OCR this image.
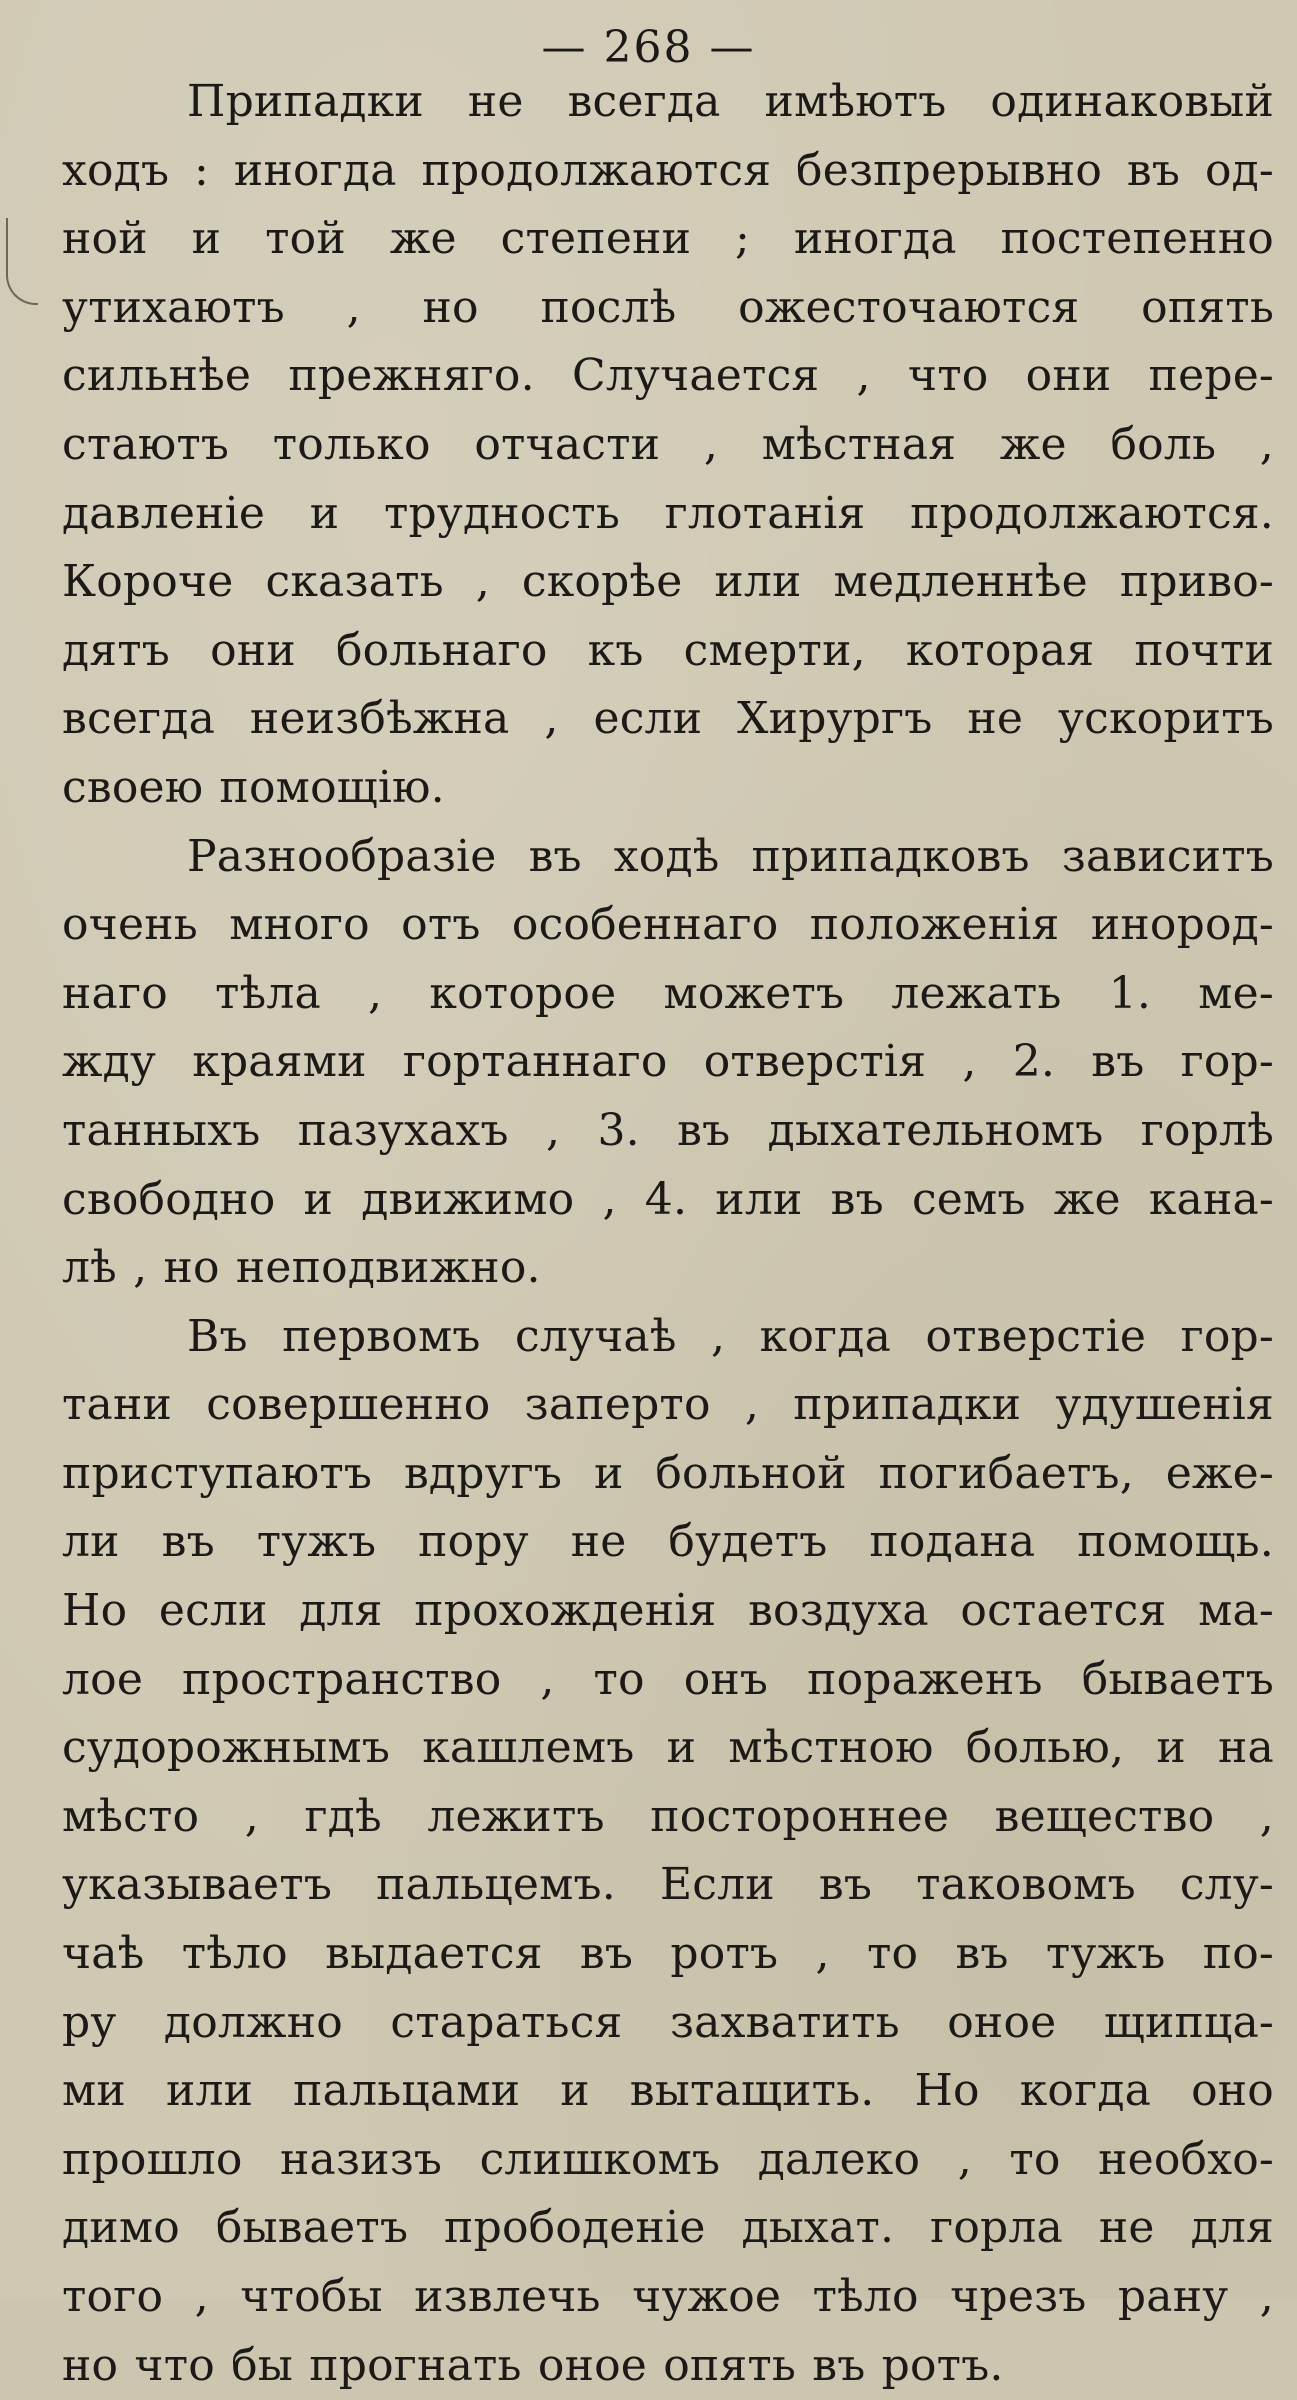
— 268 —
Припадки не всегда имѣютъ одинаковый
ходъ : иногда продолжаются безпрерывно въ од-
ной и той же степени ; иногда постепенно
утихаютъ , но послѣ ожесточаются опять
сильнѣе прежняго. Случается , что они пере-
стаютъ только отчасти , мѣстная же боль ,
давленіе и трудность глотанія продолжаются.
Короче сказать , скорѣе или медленнѣе приво-
дятъ они больнаго къ смерти, которая почти
всегда неизбѣжна , если Хирургъ не ускоритъ
своею помощію.
Разнообразіе въ ходѣ припадковъ зависитъ
очень много отъ особеннаго положенія инород-
наго тѣла , которое можетъ лежать 1. ме-
жду краями гортаннаго отверстія , 2. въ гор-
танныхъ пазухахъ , 3. въ дыхательномъ горлѣ
свободно и движимо , 4. или въ семъ же кана-
лѣ , но неподвижно.
Въ первомъ случаѣ , когда отверстіе гор-
тани совершенно заперто , припадки удушенія
приступаютъ вдругъ и больной погибаетъ, еже-
ли въ тужъ пору не будетъ подана помощь.
Но если для прохожденія воздуха остается ма-
лое пространство , то онъ пораженъ бываетъ
судорожнымъ кашлемъ и мѣстною болью, и на
мѣсто , гдѣ лежитъ постороннее вещество ,
указываетъ пальцемъ. Если въ таковомъ слу-
чаѣ тѣло выдается въ ротъ , то въ тужъ по-
ру должно стараться захватить оное щипца-
ми или пальцами и вытащить. Но когда оно
прошло назизъ слишкомъ далеко , то необхо-
димо бываетъ прободеніе дыхат. горла не для
того , чтобы извлечь чужое тѣло чрезъ рану ,
но что бы прогнать оное опять въ ротъ.
